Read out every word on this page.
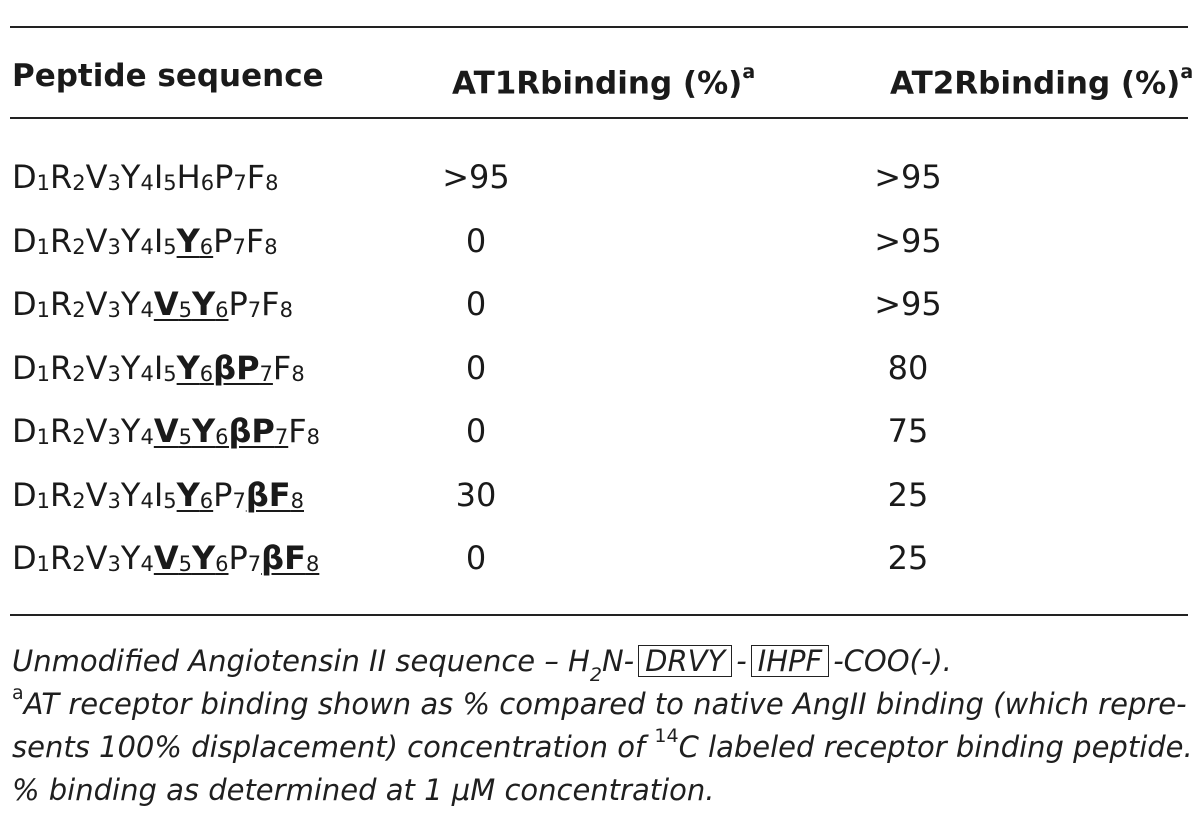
Peptide sequence	AT1Rbinding (%)$^a$	AT2Rbinding (%)$^a$
$D_1R_2V_3Y_4I_5H_6P_7F_8$	>95	>95
$D_1R_2V_3Y_4I_5Y_6P_7F_8$	0	>95
$D_1R_2V_3Y_4V_5Y_6P_7F_8$	0	>95
$D_1R_2V_3Y_4I_5Y_6\beta P_7F_8$	0	80
$D_1R_2V_3Y_4V_5Y_6\beta P_7F_8$	0	75
$D_1R_2V_3Y_4I_5Y_6P_7\beta F_8$	30	25
$D_1R_2V_3Y_4V_5Y_6P_7\beta F_8$	0	25
Unmodified Angiotensin II sequence – $H_2N-$ DRVY - IHPF -COO(-).
$^a$AT receptor binding shown as % compared to native AngII binding (which repre-
sents 100% displacement) concentration of $^{14}$C labeled receptor binding peptide.
% binding as determined at 1 μM concentration.
